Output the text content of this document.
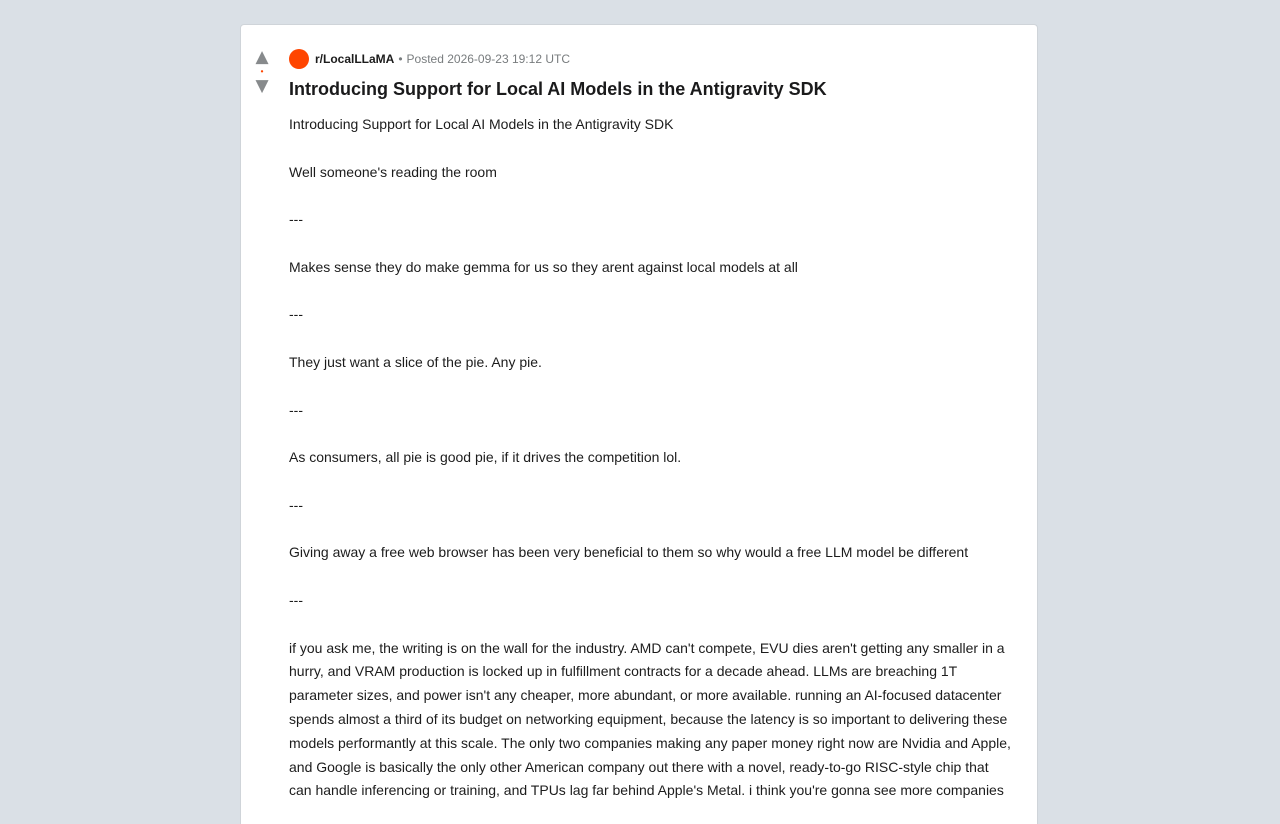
▲
•
▼
r/LocalLLaMA • Posted 2026-09-23 19:12 UTC
Introducing Support for Local AI Models in the Antigravity SDK

Introducing Support for Local AI Models in the Antigravity SDK

Well someone's reading the room

---

Makes sense they do make gemma for us so they arent against local models at all

---

They just want a slice of the pie. Any pie.

---

As consumers, all pie is good pie, if it drives the competition lol.

---

Giving away a free web browser has been very beneficial to them so why would a free LLM model be different

---

if you ask me, the writing is on the wall for the industry. AMD can't compete, EVU dies aren't getting any smaller in a hurry, and VRAM production is locked up in fulfillment contracts for a decade ahead. LLMs are breaching 1T parameter sizes, and power isn't any cheaper, more abundant, or more available. running an AI-focused datacenter spends almost a third of its budget on networking equipment, because the latency is so important to delivering these models performantly at this scale. The only two companies making any paper money right now are Nvidia and Apple, and Google is basically the only other American company out there with a novel, ready-to-go RISC-style chip that can handle inferencing or training, and TPUs lag far behind Apple's Metal. i think you're gonna see more companies
